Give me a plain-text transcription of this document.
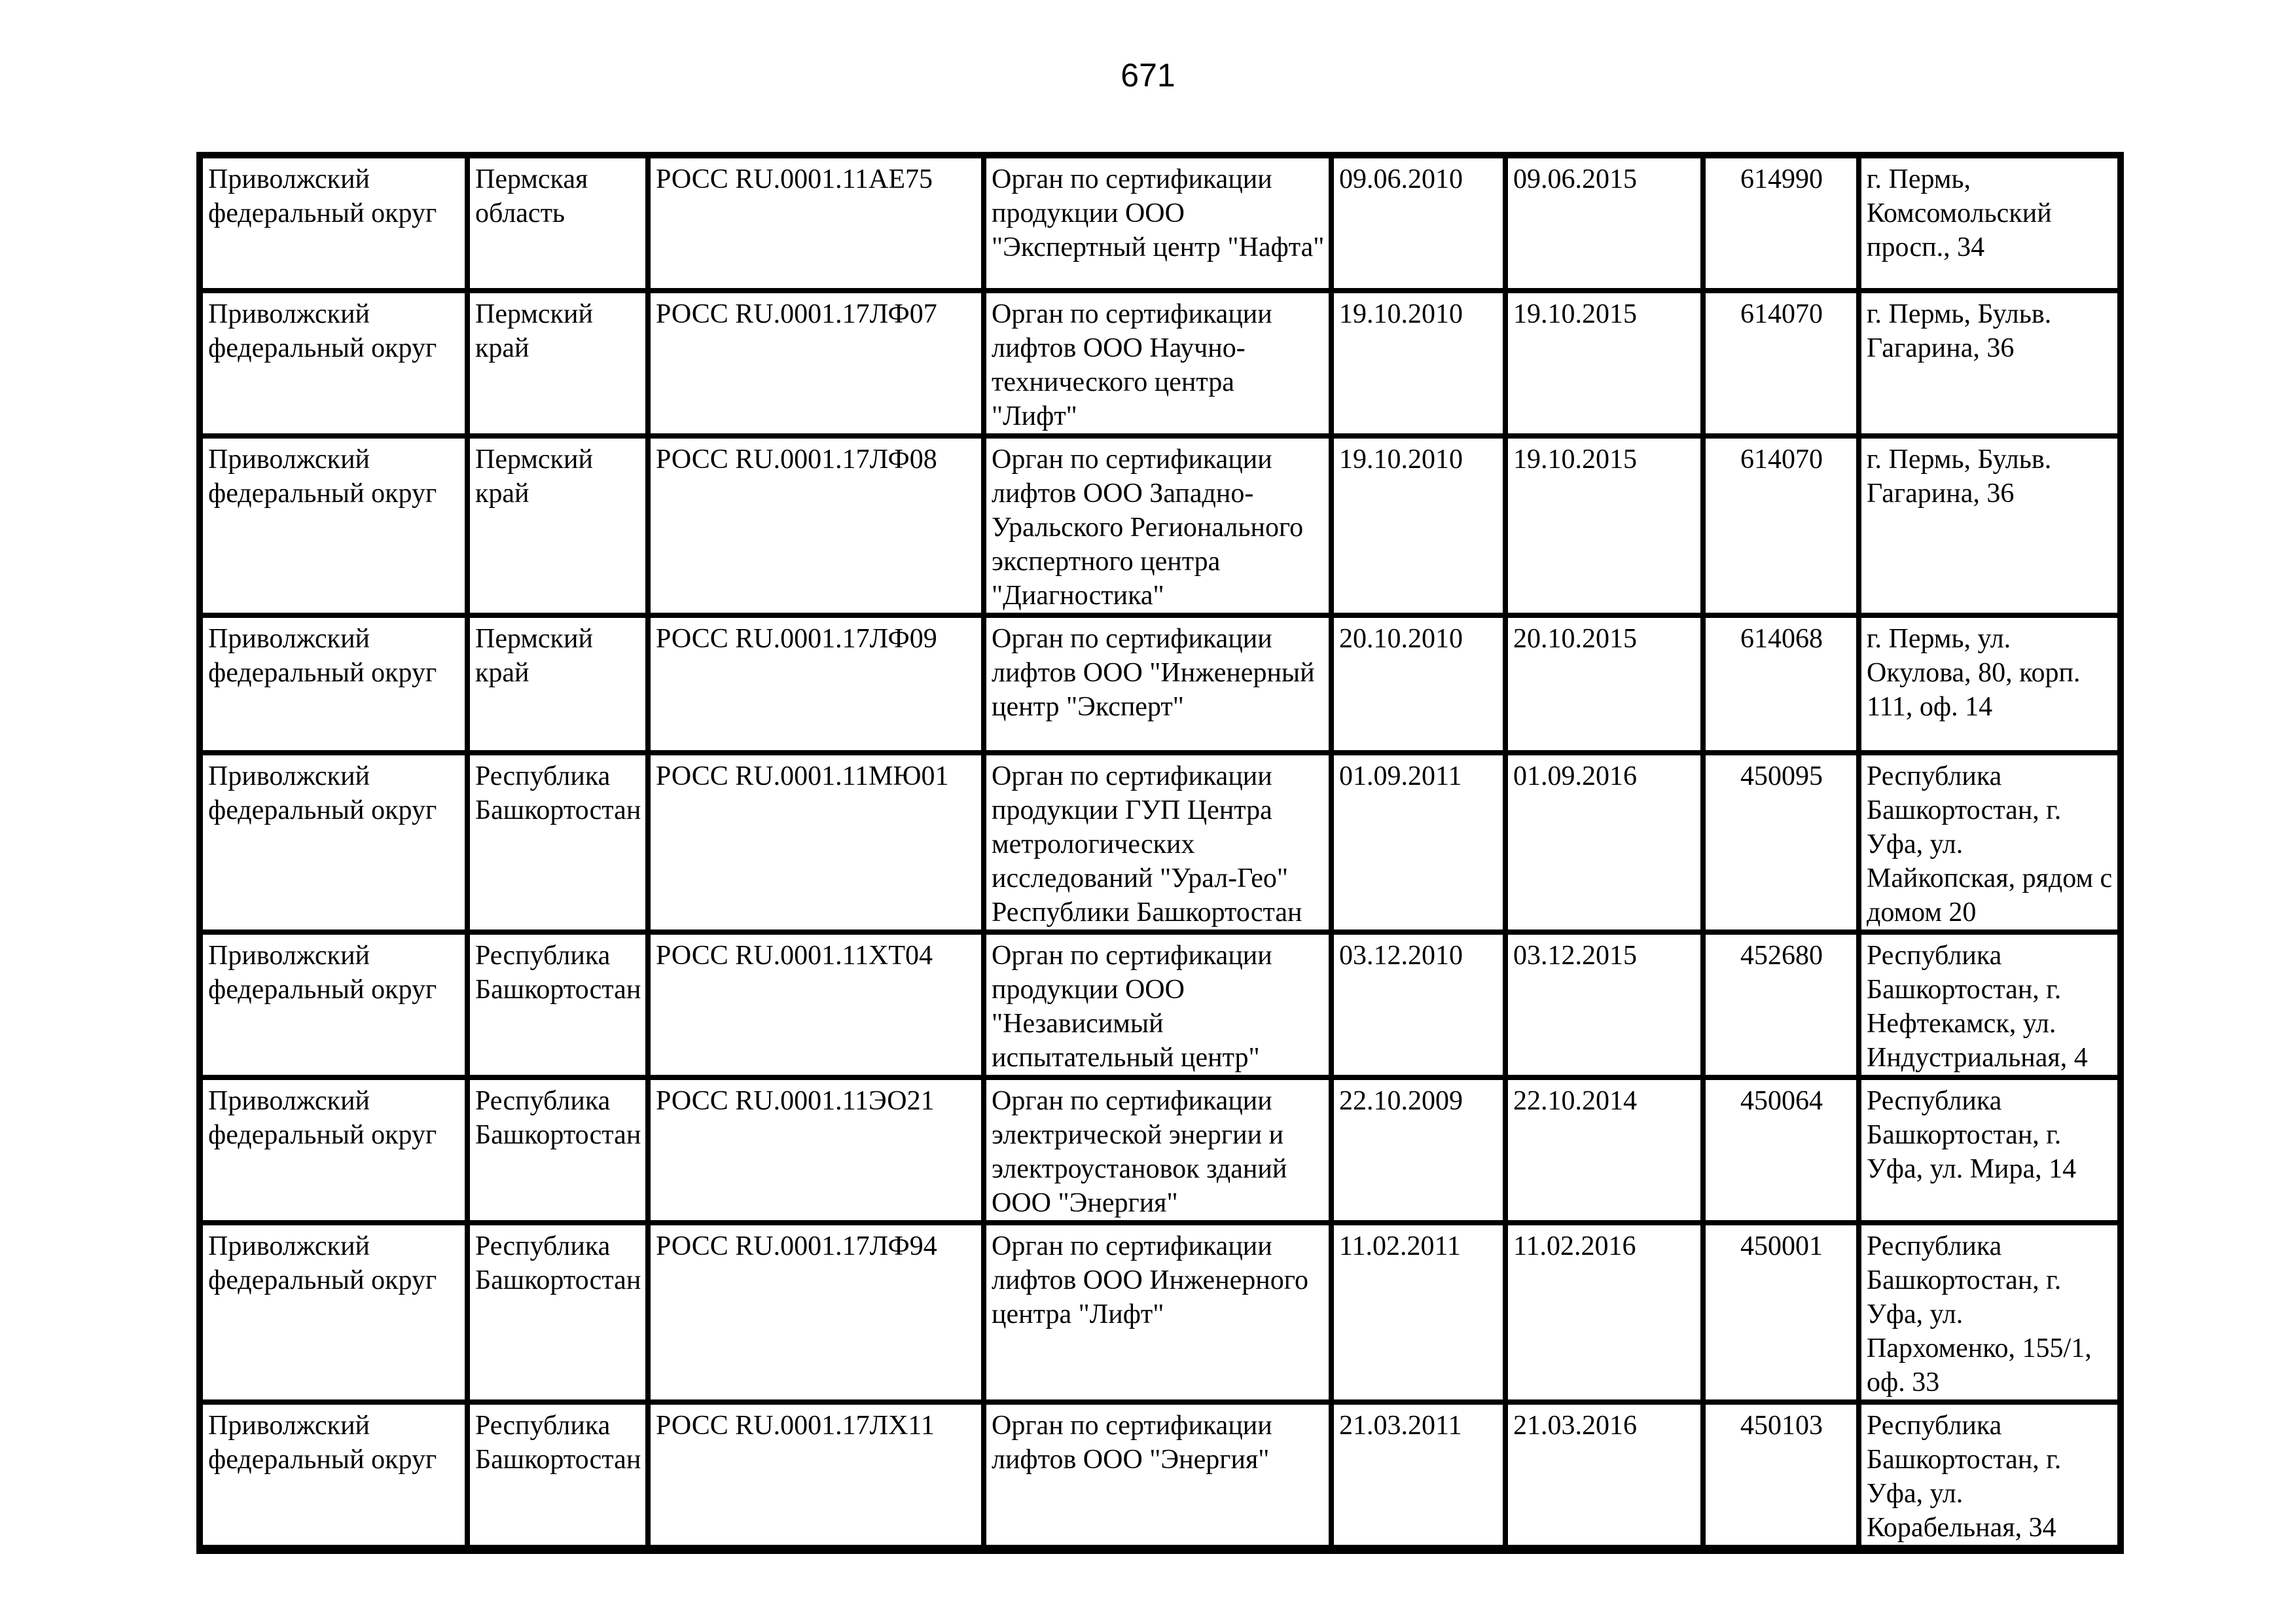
671
Приволжский федеральный округ	Пермская область	РОСС RU.0001.11АЕ75	Орган по сертификации продукции ООО "Экспертный центр "Нафта"	09.06.2010	09.06.2015	614990	г. Пермь, Комсомольский просп., 34
Приволжский федеральный округ	Пермский край	РОСС RU.0001.17ЛФ07	Орган по сертификации лифтов ООО Научно-технического центра "Лифт"	19.10.2010	19.10.2015	614070	г. Пермь, Бульв. Гагарина, 36
Приволжский федеральный округ	Пермский край	РОСС RU.0001.17ЛФ08	Орган по сертификации лифтов ООО Западно-Уральского Регионального экспертного центра "Диагностика"	19.10.2010	19.10.2015	614070	г. Пермь, Бульв. Гагарина, 36
Приволжский федеральный округ	Пермский край	РОСС RU.0001.17ЛФ09	Орган по сертификации лифтов ООО "Инженерный центр "Эксперт"	20.10.2010	20.10.2015	614068	г. Пермь, ул. Окулова, 80, корп. 111, оф. 14
Приволжский федеральный округ	Республика Башкортостан	РОСС RU.0001.11МЮ01	Орган по сертификации продукции ГУП Центра метрологических исследований "Урал-Гео" Республики Башкортостан	01.09.2011	01.09.2016	450095	Республика Башкортостан, г. Уфа, ул. Майкопская, рядом с домом 20
Приволжский федеральный округ	Республика Башкортостан	РОСС RU.0001.11ХТ04	Орган по сертификации продукции ООО "Независимый испытательный центр"	03.12.2010	03.12.2015	452680	Республика Башкортостан, г. Нефтекамск, ул. Индустриальная, 4
Приволжский федеральный округ	Республика Башкортостан	РОСС RU.0001.11ЭО21	Орган по сертификации электрической энергии и электроустановок зданий ООО "Энергия"	22.10.2009	22.10.2014	450064	Республика Башкортостан, г. Уфа, ул. Мира, 14
Приволжский федеральный округ	Республика Башкортостан	РОСС RU.0001.17ЛФ94	Орган по сертификации лифтов ООО Инженерного центра "Лифт"	11.02.2011	11.02.2016	450001	Республика Башкортостан, г. Уфа, ул. Пархоменко, 155/1, оф. 33
Приволжский федеральный округ	Республика Башкортостан	РОСС RU.0001.17ЛХ11	Орган по сертификации лифтов ООО "Энергия"	21.03.2011	21.03.2016	450103	Республика Башкортостан, г. Уфа, ул. Корабельная, 34
